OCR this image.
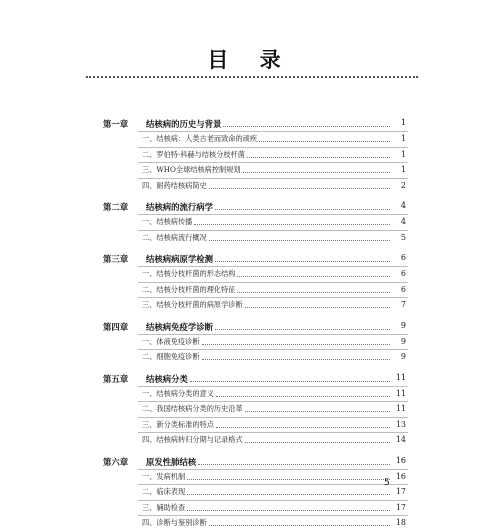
目 录
第一章 结核病的历史与背景	1
一、结核病：人类古老而致命的顽疾	1
二、罗伯特·科赫与结核分枝杆菌	1
三、WHO全球结核病控制规划	1
四、耐药结核病简史	2
第二章 结核病的流行病学	4
一、结核病传播	4
二、结核病流行概况	5
第三章 结核病病原学检测	6
一、结核分枝杆菌的形态结构	6
二、结核分枝杆菌的理化特征	6
三、结核分枝杆菌的病原学诊断	7
第四章 结核病免疫学诊断	9
一、体液免疫诊断	9
二、细胞免疫诊断	9
第五章 结核病分类	11
一、结核病分类的意义	11
二、我国结核病分类的历史沿革	11
三、新分类标准的特点	13
四、结核病转归分期与记录格式	14
第六章 原发性肺结核	16
一、发病机制	16
二、临床表现	17
三、辅助检查	17
四、诊断与鉴别诊断	18
5
